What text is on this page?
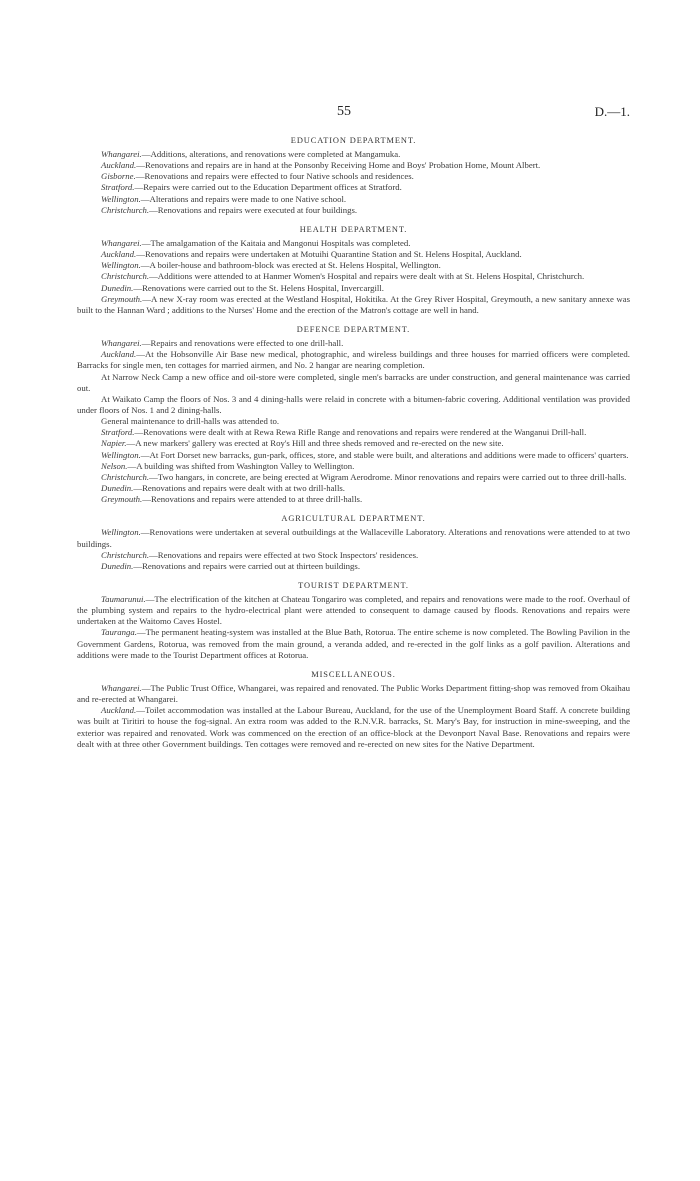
55	D.—1.
EDUCATION DEPARTMENT.

Whangarei.—Additions, alterations, and renovations were completed at Mangamuka.

Auckland.—Renovations and repairs are in hand at the Ponsonby Receiving Home and Boys' Probation Home, Mount Albert.

Gisborne.—Renovations and repairs were effected to four Native schools and residences.

Stratford.—Repairs were carried out to the Education Department offices at Stratford.

Wellington.—Alterations and repairs were made to one Native school.

Christchurch.—Renovations and repairs were executed at four buildings.

HEALTH DEPARTMENT.

Whangarei.—The amalgamation of the Kaitaia and Mangonui Hospitals was completed.

Auckland.—Renovations and repairs were undertaken at Motuihi Quarantine Station and St. Helens Hospital, Auckland.

Wellington.—A boiler-house and bathroom-block was erected at St. Helens Hospital, Wellington.

Christchurch.—Additions were attended to at Hanmer Women's Hospital and repairs were dealt with at St. Helens Hospital, Christchurch.

Dunedin.—Renovations were carried out to the St. Helens Hospital, Invercargill.

Greymouth.—A new X-ray room was erected at the Westland Hospital, Hokitika. At the Grey River Hospital, Greymouth, a new sanitary annexe was built to the Hannan Ward ; additions to the Nurses' Home and the erection of the Matron's cottage are well in hand.

DEFENCE DEPARTMENT.

Whangarei.—Repairs and renovations were effected to one drill-hall.

Auckland.—At the Hobsonville Air Base new medical, photographic, and wireless buildings and three houses for married officers were completed. Barracks for single men, ten cottages for married airmen, and No. 2 hangar are nearing completion.

At Narrow Neck Camp a new office and oil-store were completed, single men's barracks are under construction, and general maintenance was carried out.

At Waikato Camp the floors of Nos. 3 and 4 dining-halls were relaid in concrete with a bitumen-fabric covering. Additional ventilation was provided under floors of Nos. 1 and 2 dining-halls.

General maintenance to drill-halls was attended to.

Stratford.—Renovations were dealt with at Rewa Rewa Rifle Range and renovations and repairs were rendered at the Wanganui Drill-hall.

Napier.—A new markers' gallery was erected at Roy's Hill and three sheds removed and re-erected on the new site.

Wellington.—At Fort Dorset new barracks, gun-park, offices, store, and stable were built, and alterations and additions were made to officers' quarters.

Nelson.—A building was shifted from Washington Valley to Wellington.

Christchurch.—Two hangars, in concrete, are being erected at Wigram Aerodrome. Minor renovations and repairs were carried out to three drill-halls.

Dunedin.—Renovations and repairs were dealt with at two drill-halls.

Greymouth.—Renovations and repairs were attended to at three drill-halls.

AGRICULTURAL DEPARTMENT.

Wellington.—Renovations were undertaken at several outbuildings at the Wallaceville Laboratory. Alterations and renovations were attended to at two buildings.

Christchurch.—Renovations and repairs were effected at two Stock Inspectors' residences.

Dunedin.—Renovations and repairs were carried out at thirteen buildings.

TOURIST DEPARTMENT.

Taumarunui.—The electrification of the kitchen at Chateau Tongariro was completed, and repairs and renovations were made to the roof. Overhaul of the plumbing system and repairs to the hydro-electrical plant were attended to consequent to damage caused by floods. Renovations and repairs were undertaken at the Waitomo Caves Hostel.

Tauranga.—The permanent heating-system was installed at the Blue Bath, Rotorua. The entire scheme is now completed. The Bowling Pavilion in the Government Gardens, Rotorua, was removed from the main ground, a veranda added, and re-erected in the golf links as a golf pavilion. Alterations and additions were made to the Tourist Department offices at Rotorua.

MISCELLANEOUS.

Whangarei.—The Public Trust Office, Whangarei, was repaired and renovated. The Public Works Department fitting-shop was removed from Okaihau and re-erected at Whangarei.

Auckland.—Toilet accommodation was installed at the Labour Bureau, Auckland, for the use of the Unemployment Board Staff. A concrete building was built at Tiritiri to house the fog-signal. An extra room was added to the R.N.V.R. barracks, St. Mary's Bay, for instruction in mine-sweeping, and the exterior was repaired and renovated. Work was commenced on the erection of an office-block at the Devonport Naval Base. Renovations and repairs were dealt with at three other Government buildings. Ten cottages were removed and re-erected on new sites for the Native Department.
